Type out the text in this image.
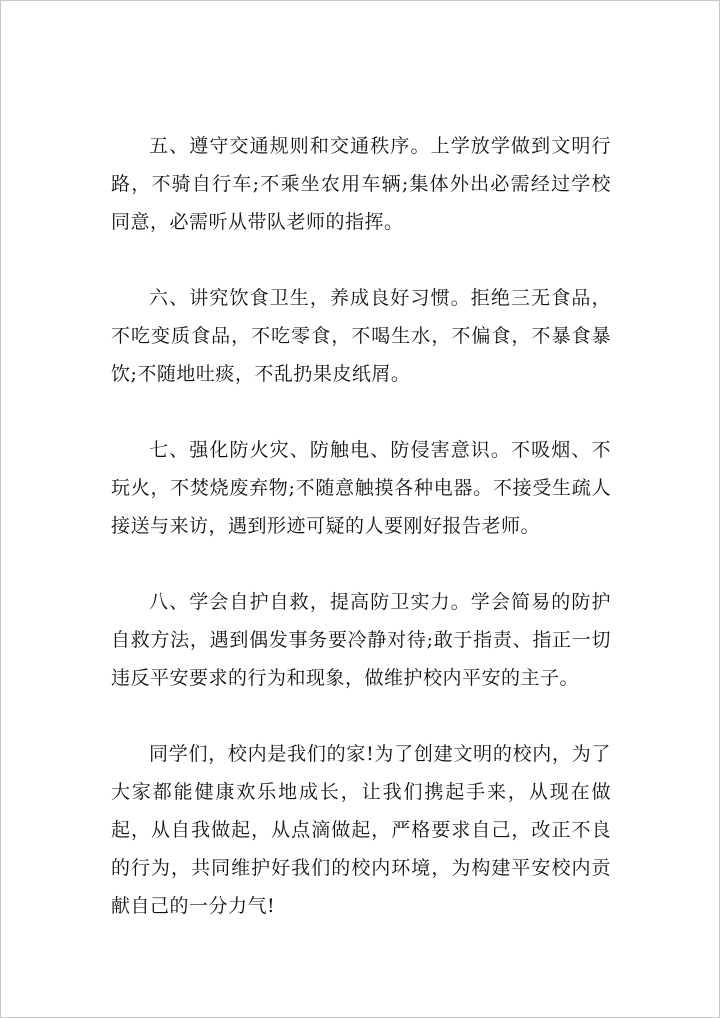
五、遵守交通规则和交通秩序。上学放学做到文明行路，不骑自行车;不乘坐农用车辆;集体外出必需经过学校同意，必需听从带队老师的指挥。

六、讲究饮食卫生，养成良好习惯。拒绝三无食品，不吃变质食品，不吃零食，不喝生水，不偏食，不暴食暴饮;不随地吐痰，不乱扔果皮纸屑。

七、强化防火灾、防触电、防侵害意识。不吸烟、不玩火，不焚烧废弃物;不随意触摸各种电器。不接受生疏人接送与来访，遇到形迹可疑的人要刚好报告老师。

八、学会自护自救，提高防卫实力。学会简易的防护自救方法，遇到偶发事务要冷静对待;敢于指责、指正一切违反平安要求的行为和现象，做维护校内平安的主子。

同学们，校内是我们的家!为了创建文明的校内，为了大家都能健康欢乐地成长，让我们携起手来，从现在做起，从自我做起，从点滴做起，严格要求自己，改正不良的行为，共同维护好我们的校内环境，为构建平安校内贡献自己的一分力气!
